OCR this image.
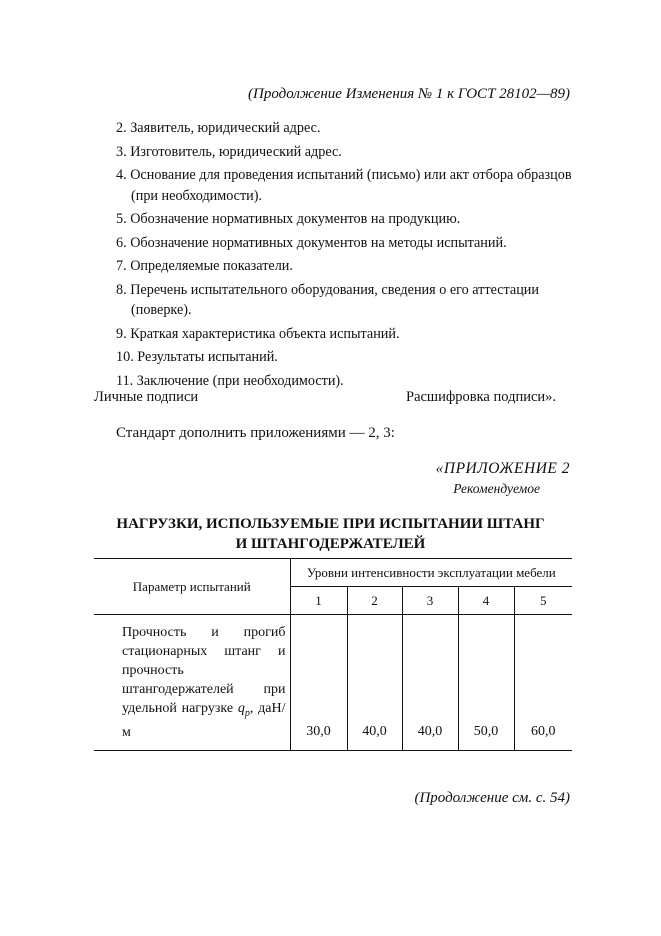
(Продолжение Изменения № 1 к ГОСТ 28102—89)
2. Заявитель, юридический адрес.
3. Изготовитель, юридический адрес.
4. Основание для проведения испытаний (письмо) или акт отбора образцов (при необходимости).
5. Обозначение нормативных документов на продукцию.
6. Обозначение нормативных документов на методы испытаний.
7. Определяемые показатели.
8. Перечень испытательного оборудования, сведения о его аттестации (поверке).
9. Краткая характеристика объекта испытаний.
10. Результаты испытаний.
11. Заключение (при необходимости).
Личные подписи	Расшифровка подписи».
Стандарт дополнить приложениями — 2, 3:
«ПРИЛОЖЕНИЕ 2
Рекомендуемое
НАГРУЗКИ, ИСПОЛЬЗУЕМЫЕ ПРИ ИСПЫТАНИИ ШТАНГ
И ШТАНГОДЕРЖАТЕЛЕЙ
Параметр испытаний	Уровни интенсивности эксплуатации мебели				
	1	2	3	4	5
Прочность и прогиб стационарных штанг и прочность штангодержателей при удельной нагрузке $q_р$, даН/м	30,0	40,0	40,0	50,0	60,0
(Продолжение см. с. 54)
